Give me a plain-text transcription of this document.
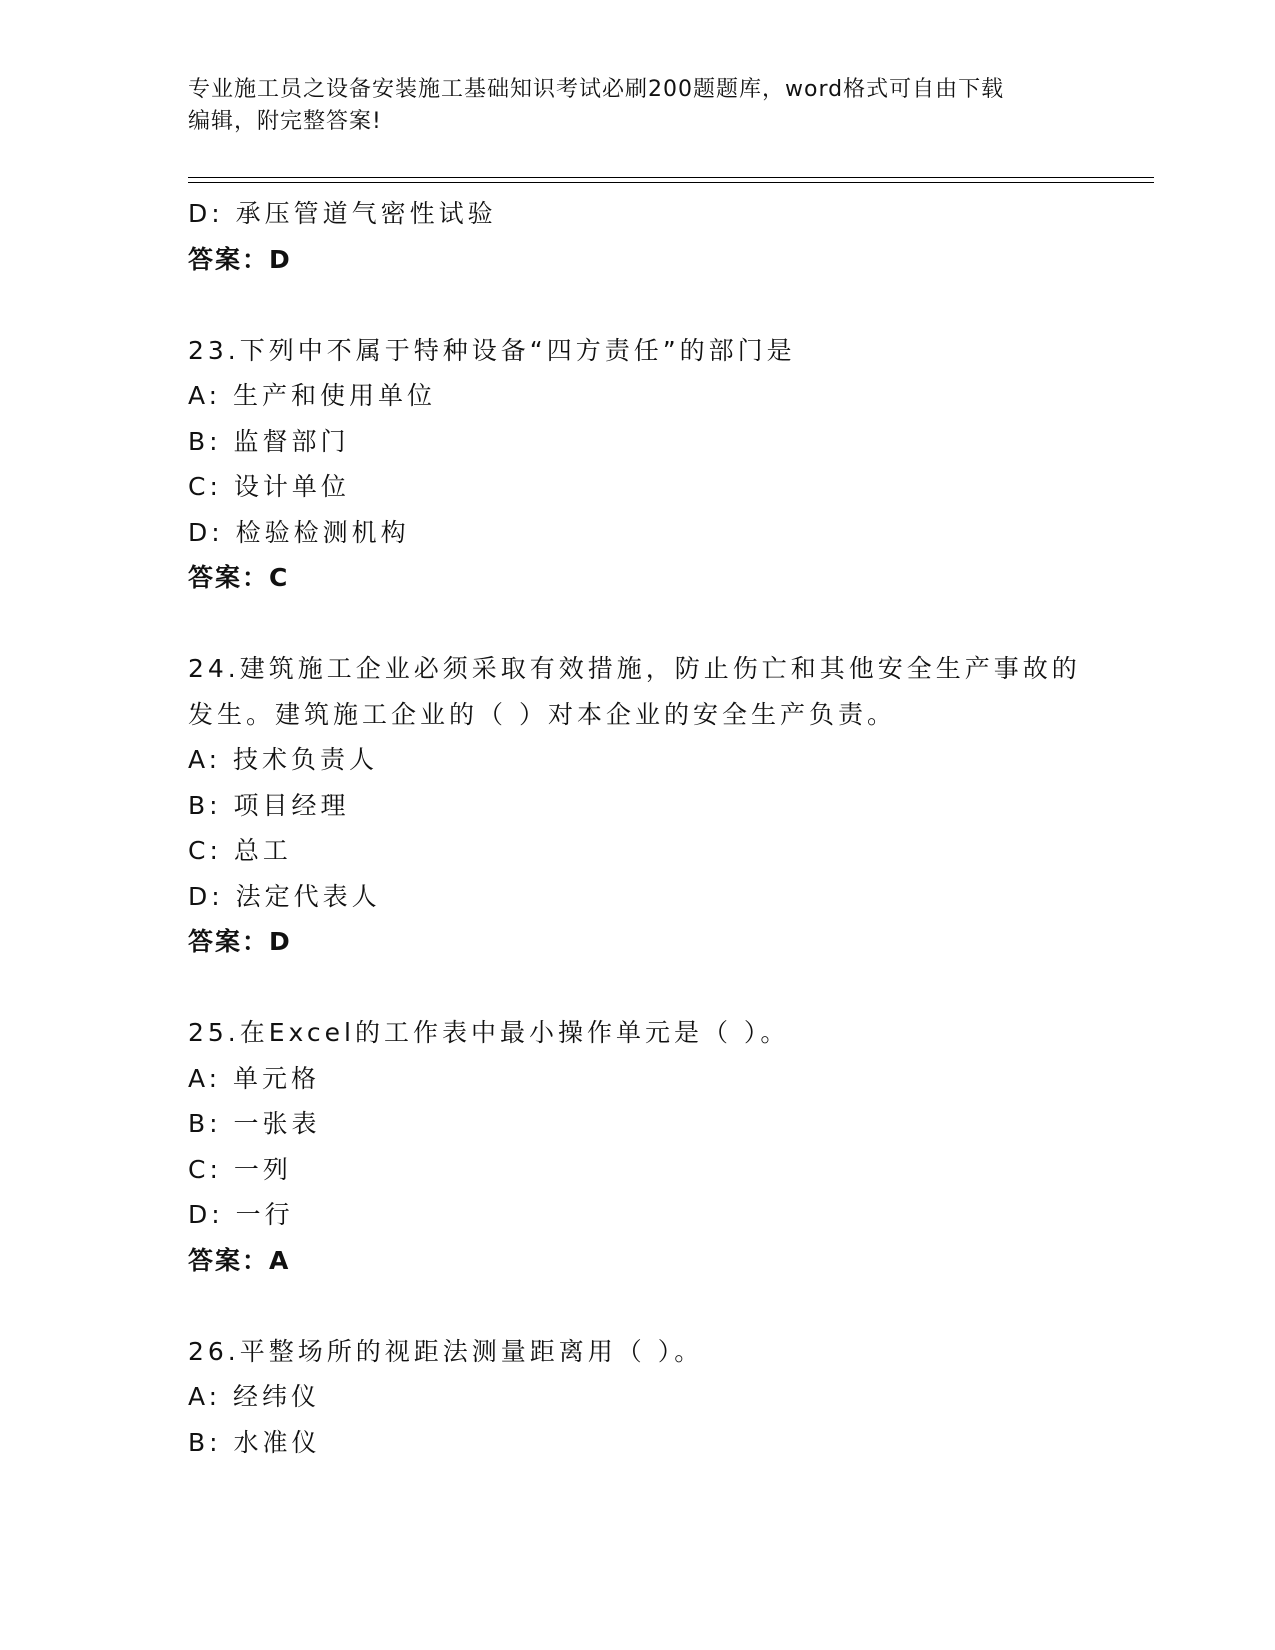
专业施工员之设备安装施工基础知识考试必刷200题题库，word格式可自由下载
编辑，附完整答案!
D: 承压管道气密性试验
答案：D
23.下列中不属于特种设备“四方责任”的部门是
A: 生产和使用单位
B: 监督部门
C: 设计单位
D: 检验检测机构
答案：C
24.建筑施工企业必须采取有效措施，防止伤亡和其他安全生产事故的
发生。建筑施工企业的（ ）对本企业的安全生产负责。
A: 技术负责人
B: 项目经理
C: 总工
D: 法定代表人
答案：D
25.在Excel的工作表中最小操作单元是（ ）。
A: 单元格
B: 一张表
C: 一列
D: 一行
答案：A
26.平整场所的视距法测量距离用（ ）。
A: 经纬仪
B: 水准仪
